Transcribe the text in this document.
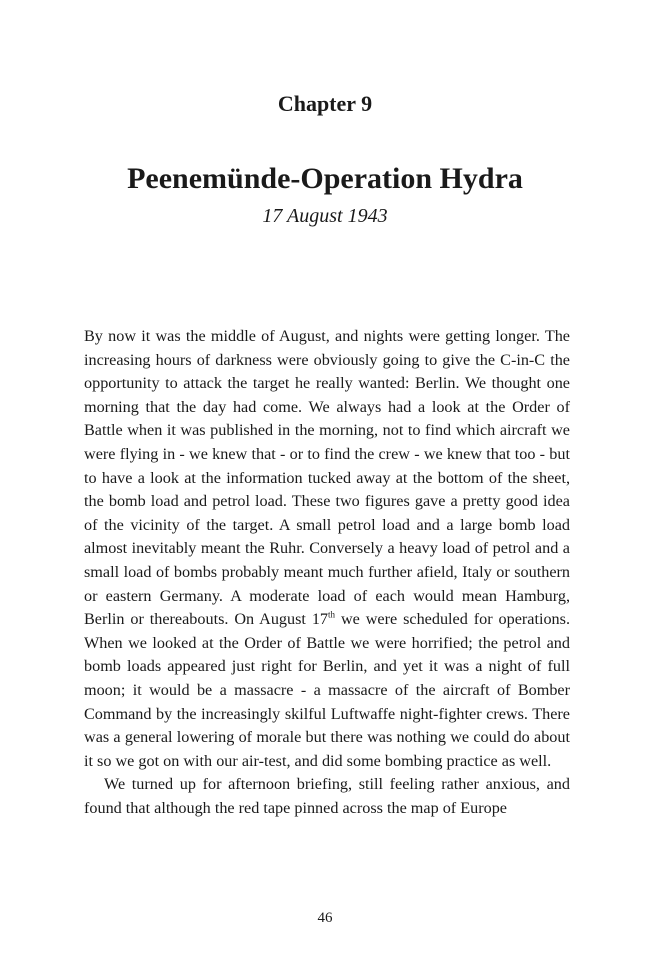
Chapter 9
Peenemünde-Operation Hydra
17 August 1943

By now it was the middle of August, and nights were getting longer. The increasing hours of darkness were obviously going to give the C-in-C the opportunity to attack the target he really wanted: Berlin. We thought one morning that the day had come. We always had a look at the Order of Battle when it was published in the morning, not to find which aircraft we were flying in - we knew that - or to find the crew - we knew that too - but to have a look at the information tucked away at the bottom of the sheet, the bomb load and petrol load. These two figures gave a pretty good idea of the vicinity of the target. A small petrol load and a large bomb load almost inevitably meant the Ruhr. Conversely a heavy load of petrol and a small load of bombs probably meant much further afield, Italy or southern or eastern Germany. A moderate load of each would mean Hamburg, Berlin or thereabouts. On August 17th we were scheduled for operations. When we looked at the Order of Battle we were horrified; the petrol and bomb loads appeared just right for Berlin, and yet it was a night of full moon; it would be a massacre - a massacre of the aircraft of Bomber Command by the increasingly skilful Luftwaffe night-fighter crews. There was a general lowering of morale but there was nothing we could do about it so we got on with our air-test, and did some bombing practice as well.

We turned up for afternoon briefing, still feeling rather anxious, and found that although the red tape pinned across the map of Europe

46
